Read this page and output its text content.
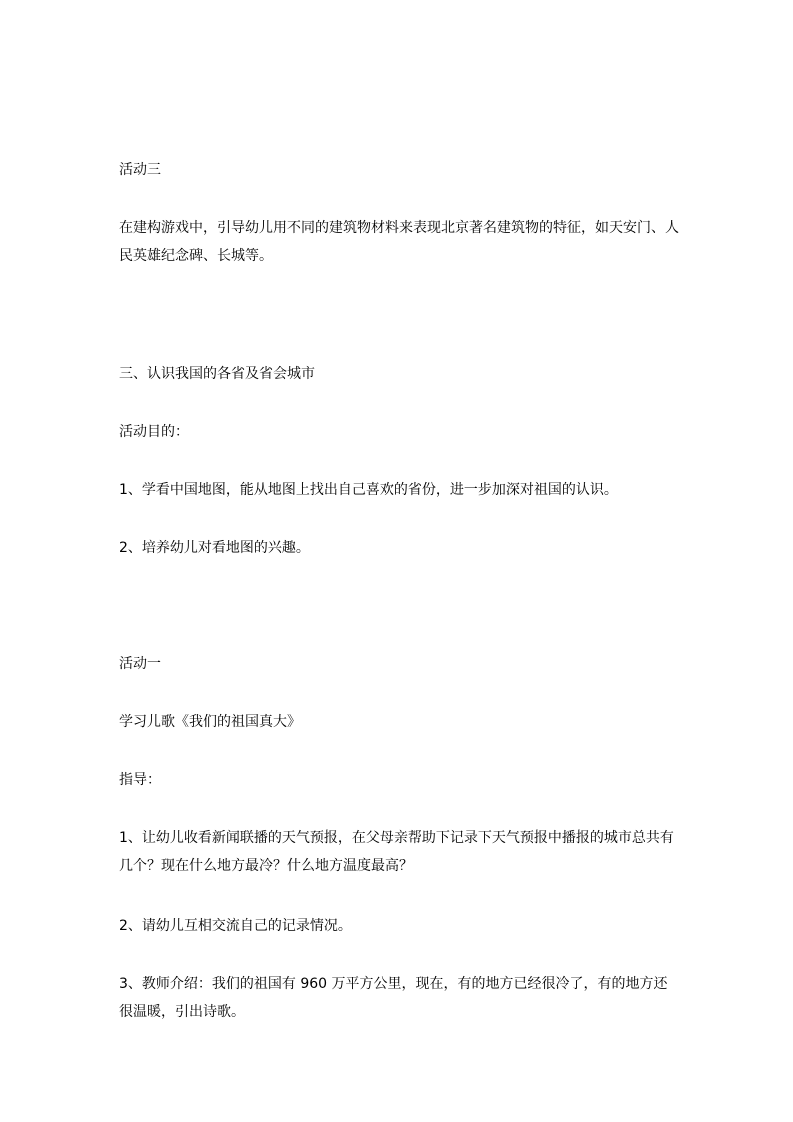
活动三

在建构游戏中，引导幼儿用不同的建筑物材料来表现北京著名建筑物的特征，如天安门、人民英雄纪念碑、长城等。

三、认识我国的各省及省会城市

活动目的：

1、学看中国地图，能从地图上找出自己喜欢的省份，进一步加深对祖国的认识。

2、培养幼儿对看地图的兴趣。

活动一

学习儿歌《我们的祖国真大》

指导：

1、让幼儿收看新闻联播的天气预报，在父母亲帮助下记录下天气预报中播报的城市总共有几个？现在什么地方最冷？什么地方温度最高？

2、请幼儿互相交流自己的记录情况。

3、教师介绍：我们的祖国有 960 万平方公里，现在，有的地方已经很冷了，有的地方还很温暖，引出诗歌。
